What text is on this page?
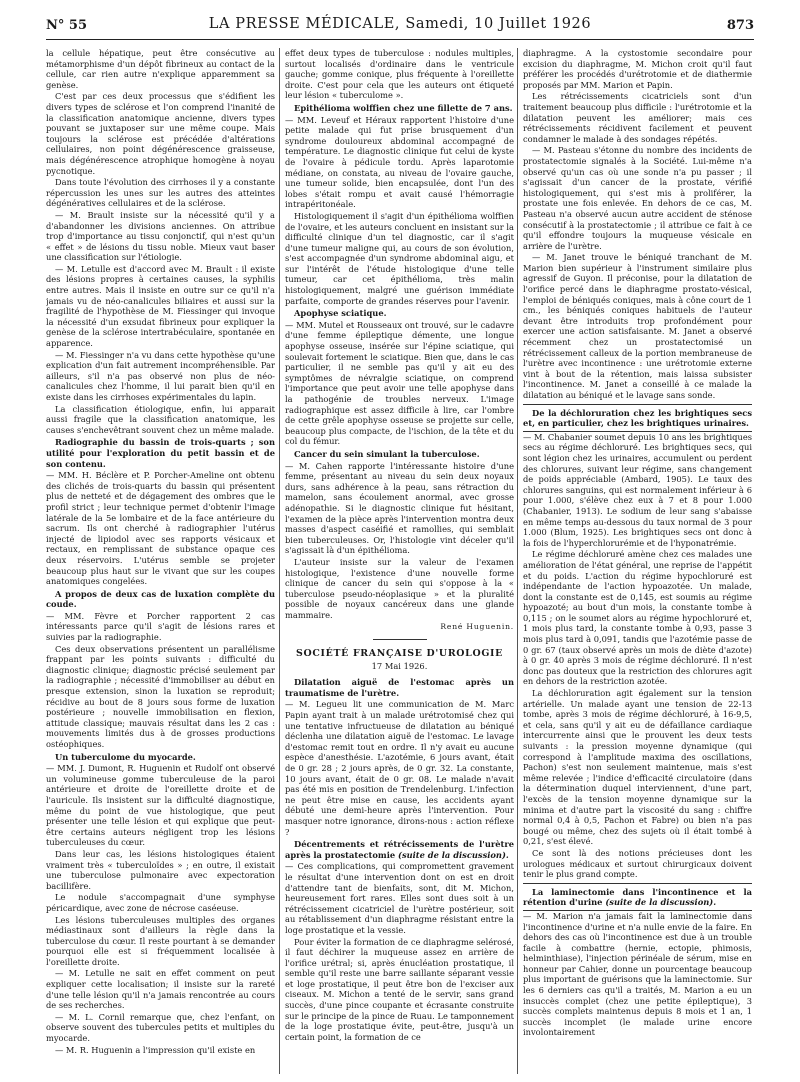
N° 55	LA PRESSE MÉDICALE, Samedi, 10 Juillet 1926	873

la cellule hépatique, peut être consécutive au métamorphisme d'un dépôt fibrineux au contact de la cellule, car rien autre n'explique apparemment sa genèse.

C'est par ces deux processus que s'édifient les divers types de sclérose et l'on comprend l'inanité de la classification anatomique ancienne, divers types pouvant se juxtaposer sur une même coupe. Mais toujours la sclérose est précédée d'altérations cellulaires, non point dégénérescence graisseuse, mais dégénérescence atrophique homogène à noyau pycnotique.

Dans toute l'évolution des cirrhoses il y a constante répercussion les unes sur les autres des atteintes dégénératives cellulaires et de la sclérose.

— M. Brault insiste sur la nécessité qu'il y a d'abandonner les divisions anciennes. On attribue trop d'importance au tissu conjonctif, qui n'est qu'un « effet » de lésions du tissu noble. Mieux vaut baser une classification sur l'étiologie.

— M. Letulle est d'accord avec M. Brault : il existe des lésions propres à certaines causes, la syphilis entre autres. Mais il insiste en outre sur ce qu'il n'a jamais vu de néo-canalicules biliaires et aussi sur la fragilité de l'hypothèse de M. Fiessinger qui invoque la nécessité d'un exsudat fibrineux pour expliquer la genèse de la sclérose intertrabéculaire, spontanée en apparence.

— M. Fiessinger n'a vu dans cette hypothèse qu'une explication d'un fait autrement incompréhensible. Par ailleurs, s'il n'a pas observé non plus de néo-canalicules chez l'homme, il lui parait bien qu'il en existe dans les cirrhoses expérimentales du lapin.

La classification étiologique, enfin, lui apparait aussi fragile que la classification anatomique, les causes s'enchevêtrant souvent chez un même malade.

Radiographie du bassin de trois-quarts ; son utilité pour l'exploration du petit bassin et de son contenu.

— MM. H. Béclère et P. Porcher-Ameline ont obtenu des clichés de trois-quarts du bassin qui présentent plus de netteté et de dégagement des ombres que le profil strict ; leur technique permet d'obtenir l'image latérale de la 5e lombaire et de la face antérieure du sacrum. Ils ont cherché à radiographier l'utérus injecté de lipiodol avec ses rapports vésicaux et rectaux, en remplissant de substance opaque ces deux réservoirs. L'utérus semble se projeter beaucoup plus haut sur le vivant que sur les coupes anatomiques congelées.

A propos de deux cas de luxation complète du coude.

— MM. Fèvre et Porcher rapportent 2 cas intéressants parce qu'il s'agit de lésions rares et suivies par la radiographie.

Ces deux observations présentent un parallélisme frappant par les points suivants : difficulté du diagnostic clinique; diagnostic précisé seulement par la radiographie ; nécessité d'immobiliser au début en presque extension, sinon la luxation se reproduit; récidive au bout de 8 jours sous forme de luxation postérieure ; nouvelle immobilisation en flexion, attitude classique; mauvais résultat dans les 2 cas : mouvements limités dus à de grosses productions ostéophiques.

Un tuberculome du myocarde.

— MM. J. Dumont, R. Huguenin et Rudolf ont observé un volumineuse gomme tuberculeuse de la paroi antérieure et droite de l'oreillette droite et de l'auricule. Ils insistent sur la difficulté diagnostique, même du point de vue histologique, que peut présenter une telle lésion et qui explique que peut-être certains auteurs négligent trop les lésions tuberculeuses du cœur.

Dans leur cas, les lésions histologiques étaient vraiment très « tuberculoïdes » ; en outre, il existait une tuberculose pulmonaire avec expectoration bacillifère.

Le nodule s'accompagnait d'une symphyse péricardique, avec zone de nécrose caséeuse.

Les lésions tuberculeuses multiples des organes médiastinaux sont d'ailleurs la règle dans la tuberculose du cœur. Il reste pourtant à se demander pourquoi elle est si fréquemment localisée à l'oreillette droite.

— M. Letulle ne sait en effet comment on peut expliquer cette localisation; il insiste sur la rareté d'une telle lésion qu'il n'a jamais rencontrée au cours de ses recherches.

— M. L. Cornil remarque que, chez l'enfant, on observe souvent des tubercules petits et multiples du myocarde.

— M. R. Huguenin a l'impression qu'il existe en

effet deux types de tuberculose : nodules multiples, surtout localisés d'ordinaire dans le ventricule gauche; gomme conique, plus fréquente à l'oreillette droite. C'est pour cela que les auteurs ont étiqueté leur lésion « tuberculome ».

Epithélioma wolffien chez une fillette de 7 ans.

— MM. Leveuf et Héraux rapportent l'histoire d'une petite malade qui fut prise brusquement d'un syndrome douloureux abdominal accompagné de température. Le diagnostic clinique fut celui de kyste de l'ovaire à pédicule tordu. Après laparotomie médiane, on constata, au niveau de l'ovaire gauche, une tumeur solide, bien encapsulée, dont l'un des lobes s'était rompu et avait causé l'hémorragie intrapéritonéale.

Histologiquement il s'agit d'un épithélioma wolffien de l'ovaire, et les auteurs concluent en insistant sur la difficulté clinique d'un tel diagnostic, car il s'agit d'une tumeur maligne qui, au cours de son évolution, s'est accompagnée d'un syndrome abdominal aigu, et sur l'intérêt de l'étude histologique d'une telle tumeur, car cet épithélioma, très malin histologiquement, malgré une guérison immédiate parfaite, comporte de grandes réserves pour l'avenir.

Apophyse sciatique.

— MM. Mutel et Rousseaux ont trouvé, sur le cadavre d'une femme épileptique démente, une longue apophyse osseuse, insérée sur l'épine sciatique, qui soulevait fortement le sciatique. Bien que, dans le cas particulier, il ne semble pas qu'il y ait eu des symptômes de névralgie sciatique, on comprend l'importance que peut avoir une telle apophyse dans la pathogénie de troubles nerveux. L'image radiographique est assez difficile à lire, car l'ombre de cette grêle apophyse osseuse se projette sur celle, beaucoup plus compacte, de l'ischion, de la tête et du col du fémur.

Cancer du sein simulant la tuberculose.

— M. Cahen rapporte l'intéressante histoire d'une femme, présentant au niveau du sein deux noyaux durs, sans adhérence à la peau, sans rétraction du mamelon, sans écoulement anormal, avec grosse adénopathie. Si le diagnostic clinique fut hésitant, l'examen de la pièce après l'intervention montra deux masses d'aspect caséifié et ramollies, qui semblait bien tuberculeuses. Or, l'histologie vint déceler qu'il s'agissait là d'un épithélioma.

L'auteur insiste sur la valeur de l'examen histologique, l'existence d'une nouvelle forme clinique de cancer du sein qui s'oppose à la « tuberculose pseudo-néoplasique » et la pluralité possible de noyaux cancéreux dans une glande mammaire.

René Huguenin.

SOCIÉTÉ FRANÇAISE D'UROLOGIE

17 Mai 1926.

Dilatation aiguë de l'estomac après un traumatisme de l'urètre.

— M. Legueu lit une communication de M. Marc Papin ayant trait à un malade urétrotomisé chez qui une tentative infructueuse de dilatation au béniqué déclenha une dilatation aiguë de l'estomac. Le lavage d'estomac remit tout en ordre. Il n'y avait eu aucune espèce d'anesthésie. L'azotémie, 6 jours avant, était de 0 gr. 28 ; 2 jours après, de 0 gr. 32. La constante, 10 jours avant, était de 0 gr. 08. Le malade n'avait pas été mis en position de Trendelenburg. L'infection ne peut être mise en cause, les accidents ayant débuté une demi-heure après l'intervention. Pour masquer notre ignorance, dirons-nous : action réflexe ?

Décentrements et rétrécissements de l'urètre après la prostatectomie (suite de la discussion).

— Ces complications, qui compromettent gravement le résultat d'une intervention dont on est en droit d'attendre tant de bienfaits, sont, dit M. Michon, heureusement fort rares. Elles sont dues soit à un rétrécissement cicatriciel de l'urètre postérieur, soit au rétablissement d'un diaphragme résistant entre la loge prostatique et la vessie.

Pour éviter la formation de ce diaphragme selérosé, il faut déchirer la muqueuse assez en arrière de l'orifice urétral; si, après énucléation prostatique, il semble qu'il reste une barre saillante séparant vessie et loge prostatique, il peut être bon de l'exciser aux ciseaux. M. Michon a tenté de le servir, sans grand succès, d'une pince coupante et écrasante construite sur le principe de la pince de Ruau. Le tamponnement de la loge prostatique évite, peut-être, jusqu'à un certain point, la formation de ce

diaphragme. A la cystostomie secondaire pour excision du diaphragme, M. Michon croit qu'il faut préférer les procédés d'urétrotomie et de diathermie proposés par MM. Marion et Papin.

Les rétrécissements cicatriciels sont d'un traitement beaucoup plus difficile : l'urétrotomie et la dilatation peuvent les améliorer; mais ces rétrécissements récidivent facilement et peuvent condamner le malade à des sondages répétés.

— M. Pasteau s'étonne du nombre des incidents de prostatectomie signalés à la Société. Lui-même n'a observé qu'un cas où une sonde n'a pu passer ; il s'agissait d'un cancer de la prostate, vérifié histologiquement, qui s'est mis à proliférer, la prostate une fois enlevée. En dehors de ce cas, M. Pasteau n'a observé aucun autre accident de sténose consécutif à la prostatectomie ; il attribue ce fait à ce qu'il effondre toujours la muqueuse vésicale en arrière de l'urètre.

— M. Janet trouve le béniqué tranchant de M. Marion bien supérieur à l'instrument similaire plus agressif de Guyon. Il préconise, pour la dilatation de l'orifice percé dans le diaphragme prostato-vésical, l'emploi de béniqués coniques, mais à cône court de 1 cm., les béniqués coniques habituels de l'auteur devant être introduits trop profondément pour exercer une action satisfaisante. M. Janet a observé récemment chez un prostatectomisé un rétrécissement calleux de la portion membraneuse de l'urètre avec incontinence : une urétrotomie externe vint à bout de la rétention, mais laissa subsister l'incontinence. M. Janet a conseillé à ce malade la dilatation au béniqué et le lavage sans sonde.

De la déchloruration chez les brightiques secs et, en particulier, chez les brightiques urinaires.

— M. Chabanier soumet depuis 10 ans les brightiques secs au régime déchloruré. Les brightiques secs, qui sont légion chez les urinaires, accumulent ou perdent des chlorures, suivant leur régime, sans changement de poids appréciable (Ambard, 1905). Le taux des chlorures sanguins, qui est normalement inférieur à 6 pour 1.000, s'élève chez eux à 7 et 8 pour 1.000 (Chabanier, 1913). Le sodium de leur sang s'abaisse en même temps au-dessous du taux normal de 3 pour 1.000 (Blum, 1925). Les brightiques secs ont donc à la fois de l'hyperchlorurémie et de l'hyponatrémie.

Le régime déchloruré amène chez ces malades une amélioration de l'état général, une reprise de l'appétit et du poids. L'action du régime hypochloruré est indépendante de l'action hypoazotée. Un malade, dont la constante est de 0,145, est soumis au régime hypoazoté; au bout d'un mois, la constante tombe à 0,115 ; on le soumet alors au régime hypochloruré et, 1 mois plus tard, la constante tombe à 0,93, passe 3 mois plus tard à 0,091, tandis que l'azotémie passe de 0 gr. 67 (taux observé après un mois de diète d'azote) à 0 gr. 40 après 3 mois de régime déchloruré. Il n'est donc pas douteux que la restriction des chlorures agit en dehors de la restriction azotée.

La déchloruration agit également sur la tension artérielle. Un malade ayant une tension de 22-13 tombe, après 3 mois de régime déchloruré, à 16-9,5, et cela, sans qu'il y ait eu de défaillance cardiaque intercurrente ainsi que le prouvent les deux tests suivants : la pression moyenne dynamique (qui correspond à l'amplitude maxima des oscillations, Pachon) s'est non seulement maintenue, mais s'est même relevée ; l'indice d'efficacité circulatoire (dans la détermination duquel interviennent, d'une part, l'excès de la tension moyenne dynamique sur la minima et d'autre part la viscosité du sang : chiffre normal 0,4 à 0,5, Pachon et Fabre) ou bien n'a pas bougé ou même, chez des sujets où il était tombé à 0,21, s'est élevé.

Ce sont là des notions précieuses dont les urologues médicaux et surtout chirurgicaux doivent tenir le plus grand compte.

La laminectomie dans l'incontinence et la rétention d'urine (suite de la discussion).

— M. Marion n'a jamais fait la laminectomie dans l'incontinence d'urine et n'a nulle envie de la faire. En dehors des cas où l'incontinence est due à un trouble facile à combattre (hernie, ectopie, phimosis, helminthiase), l'injection périnéale de sérum, mise en honneur par Cahier, donne un pourcentage beaucoup plus important de guérisons que la laminectomie. Sur les 6 derniers cas qu'il a traités, M. Marion a eu un insuccès complet (chez une petite épileptique), 3 succès complets maintenus depuis 8 mois et 1 an, 1 succès incomplet (le malade urine encore involontairement
